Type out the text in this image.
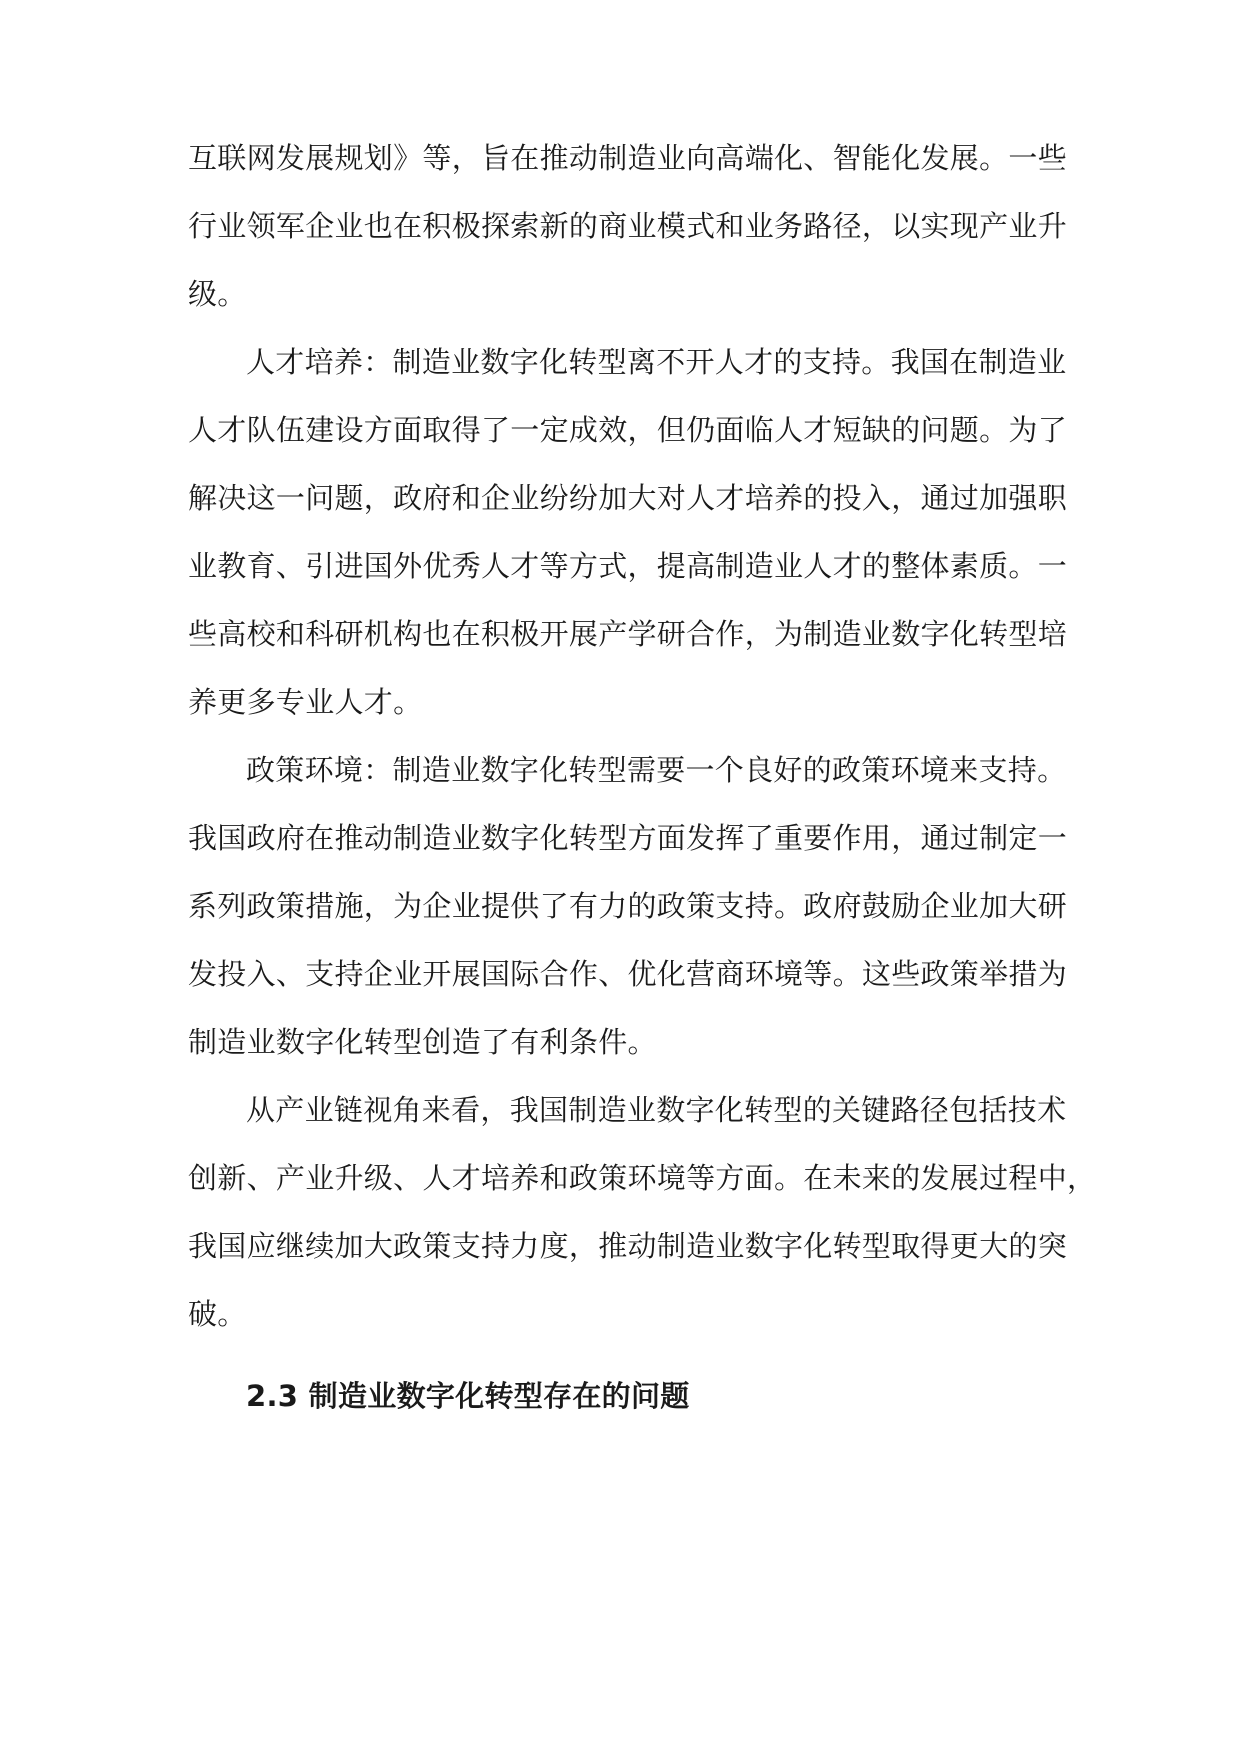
互联网发展规划》等，旨在推动制造业向高端化、智能化发展。一些
行业领军企业也在积极探索新的商业模式和业务路径，以实现产业升
级。
人才培养：制造业数字化转型离不开人才的支持。我国在制造业
人才队伍建设方面取得了一定成效，但仍面临人才短缺的问题。为了
解决这一问题，政府和企业纷纷加大对人才培养的投入，通过加强职
业教育、引进国外优秀人才等方式，提高制造业人才的整体素质。一
些高校和科研机构也在积极开展产学研合作，为制造业数字化转型培
养更多专业人才。
政策环境：制造业数字化转型需要一个良好的政策环境来支持。
我国政府在推动制造业数字化转型方面发挥了重要作用，通过制定一
系列政策措施，为企业提供了有力的政策支持。政府鼓励企业加大研
发投入、支持企业开展国际合作、优化营商环境等。这些政策举措为
制造业数字化转型创造了有利条件。
从产业链视角来看，我国制造业数字化转型的关键路径包括技术
创新、产业升级、人才培养和政策环境等方面。在未来的发展过程中，
我国应继续加大政策支持力度，推动制造业数字化转型取得更大的突
破。
2.3 制造业数字化转型存在的问题
